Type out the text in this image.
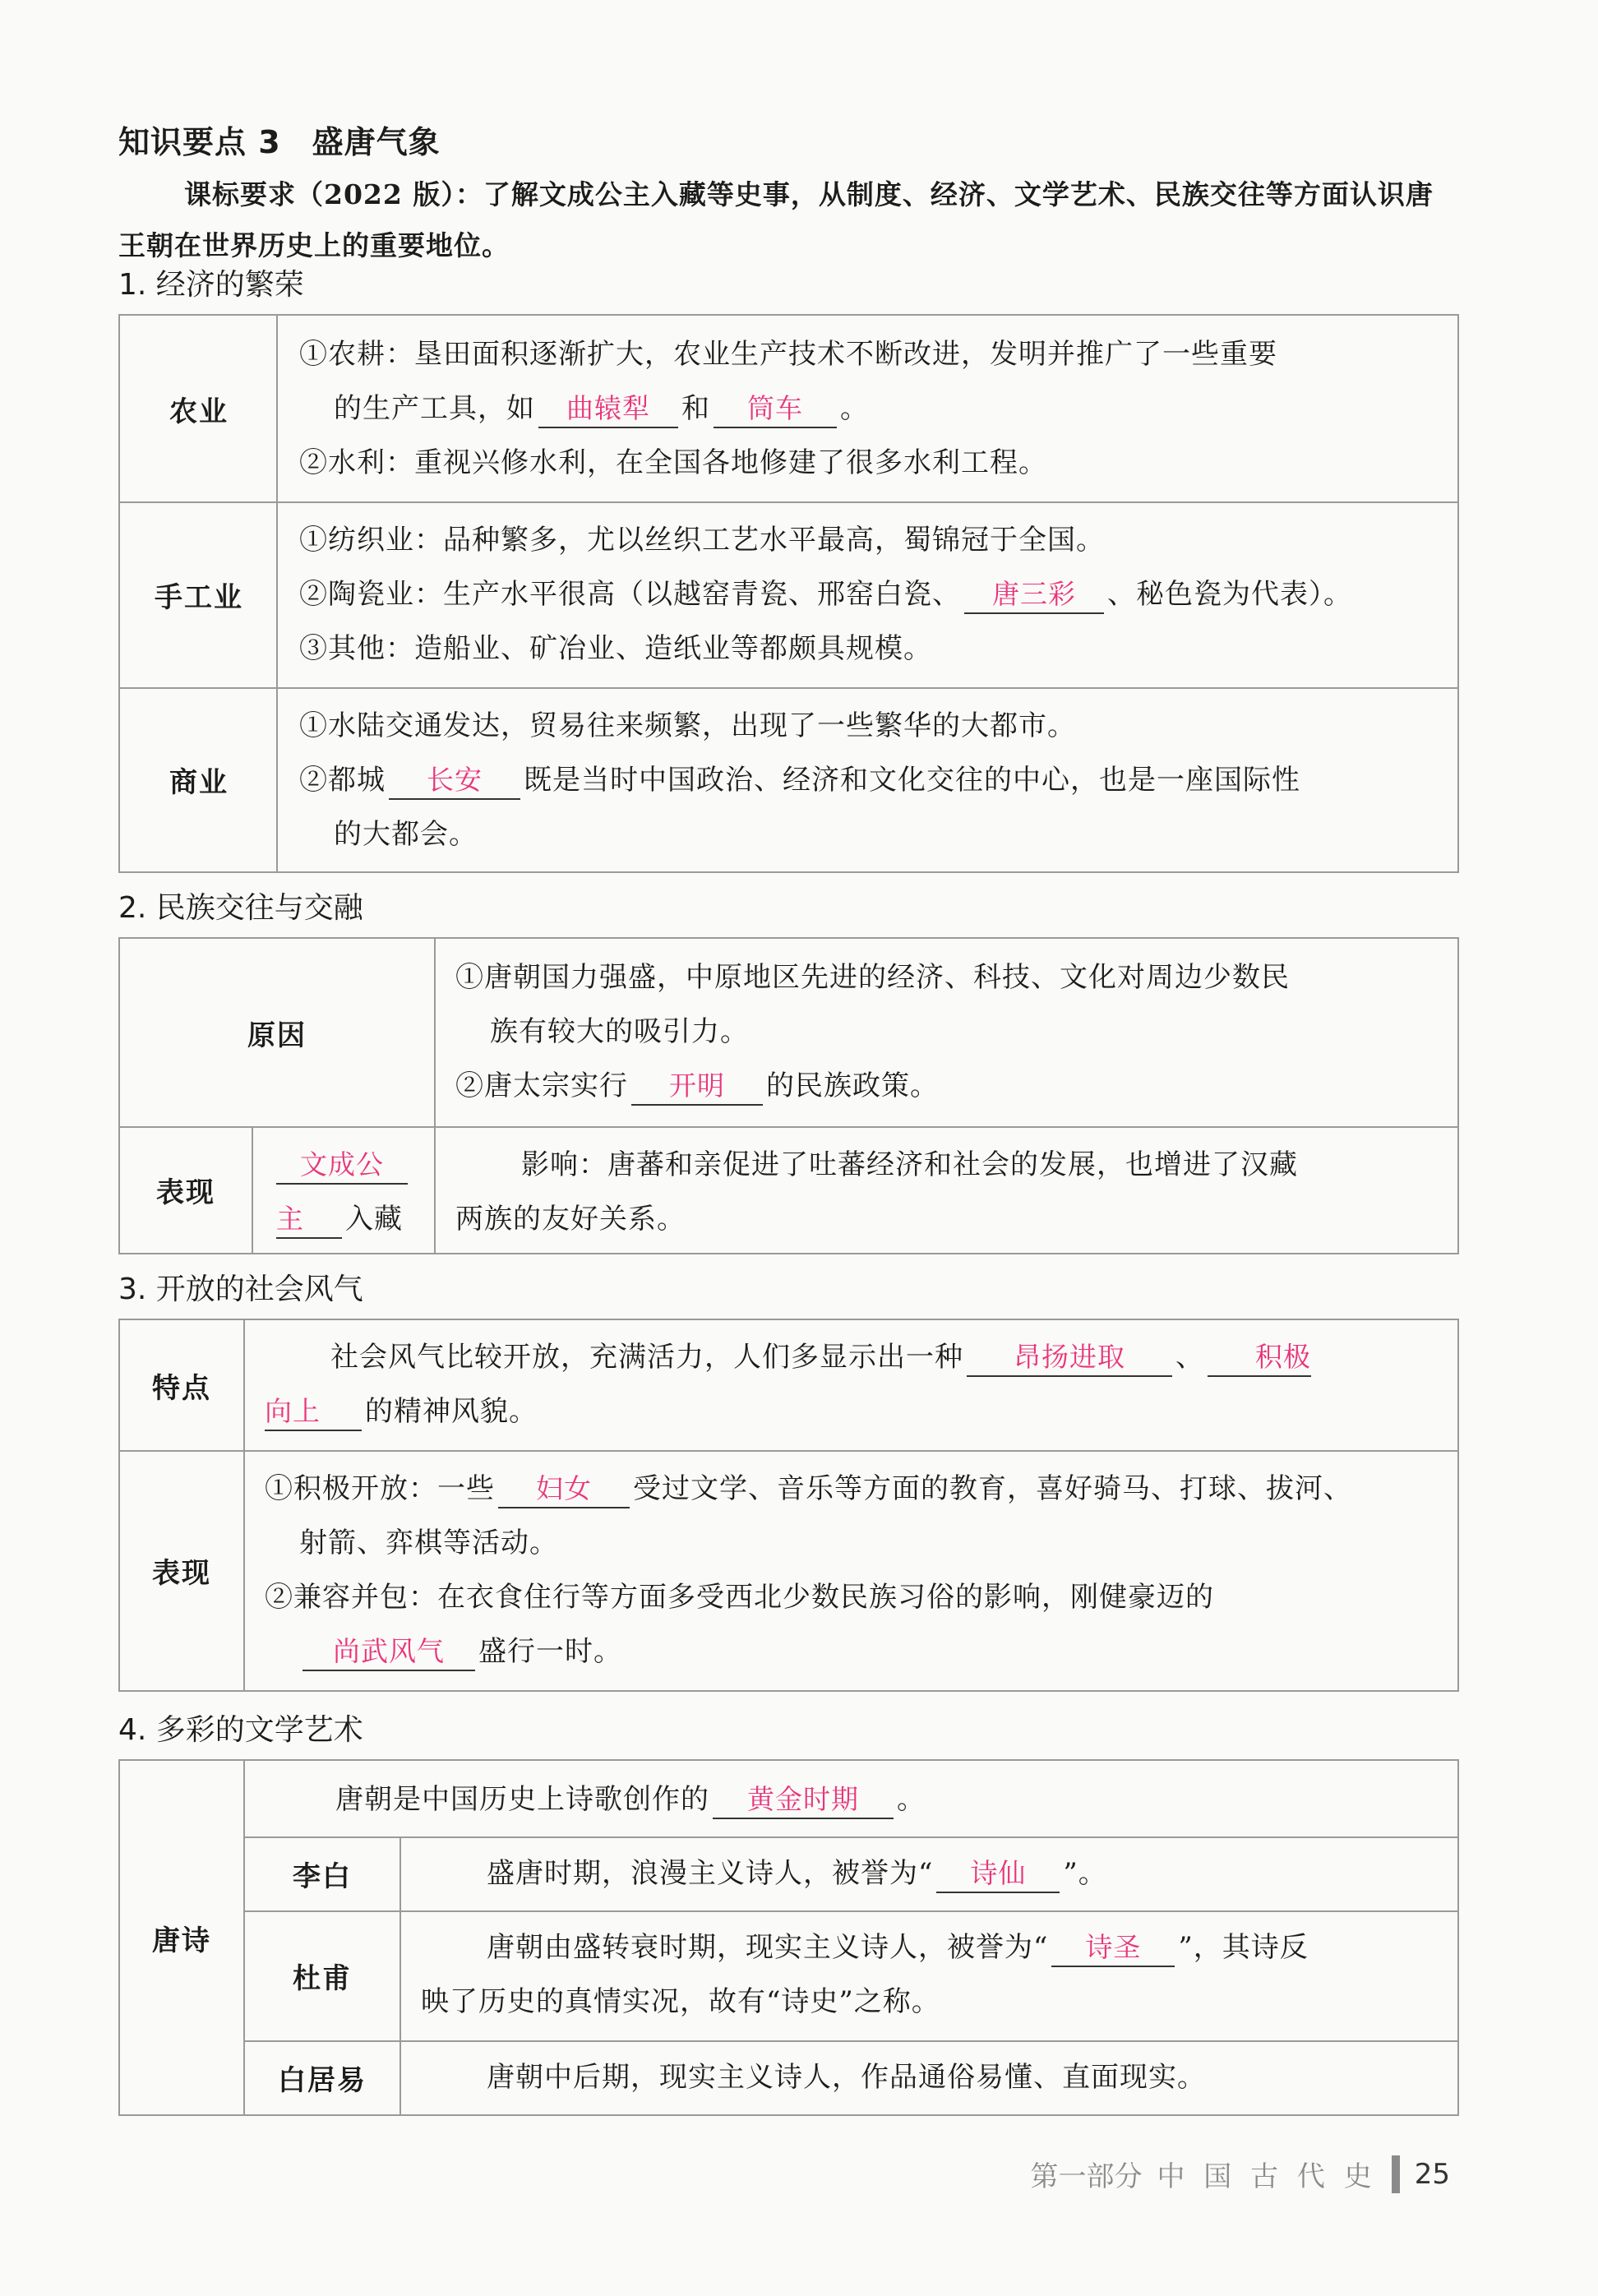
知识要点 3 盛唐气象
课标要求（2022 版）：了解文成公主入藏等史事，从制度、经济、文学艺术、民族交往等方面认识唐王朝在世界历史上的重要地位。
1. 经济的繁荣
农业
①农耕：垦田面积逐渐扩大，农业生产技术不断改进，发明并推广了一些重要
的生产工具，如 曲辕犁 和 筒车 。
②水利：重视兴修水利，在全国各地修建了很多水利工程。
手工业
①纺织业：品种繁多，尤以丝织工艺水平最高，蜀锦冠于全国。
②陶瓷业：生产水平很高（以越窑青瓷、邢窑白瓷、 唐三彩 、秘色瓷为代表）。
③其他：造船业、矿冶业、造纸业等都颇具规模。
商业
①水陆交通发达，贸易往来频繁，出现了一些繁华的大都市。
②都城 长安 既是当时中国政治、经济和文化交往的中心，也是一座国际性
的大都会。
2. 民族交往与交融
原因
①唐朝国力强盛，中原地区先进的经济、科技、文化对周边少数民
族有较大的吸引力。
②唐太宗实行 开明 的民族政策。
表现
文成公
主 入藏
影响：唐蕃和亲促进了吐蕃经济和社会的发展，也增进了汉藏
两族的友好关系。
3. 开放的社会风气
特点
社会风气比较开放，充满活力，人们多显示出一种 昂扬进取 、 积极
向上 的精神风貌。
表现
①积极开放：一些 妇女 受过文学、音乐等方面的教育，喜好骑马、打球、拔河、
射箭、弈棋等活动。
②兼容并包：在衣食住行等方面多受西北少数民族习俗的影响，刚健豪迈的
尚武风气 盛行一时。
4. 多彩的文学艺术
唐朝是中国历史上诗歌创作的 黄金时期 。
唐诗
李白	盛唐时期，浪漫主义诗人，被誉为“ 诗仙 ”。
杜甫
唐朝由盛转衰时期，现实主义诗人，被誉为“ 诗圣 ”，其诗反
映了历史的真情实况，故有“诗史”之称。
白居易	唐朝中后期，现实主义诗人，作品通俗易懂、直面现实。
第一部分 中 国 古 代 史 25
